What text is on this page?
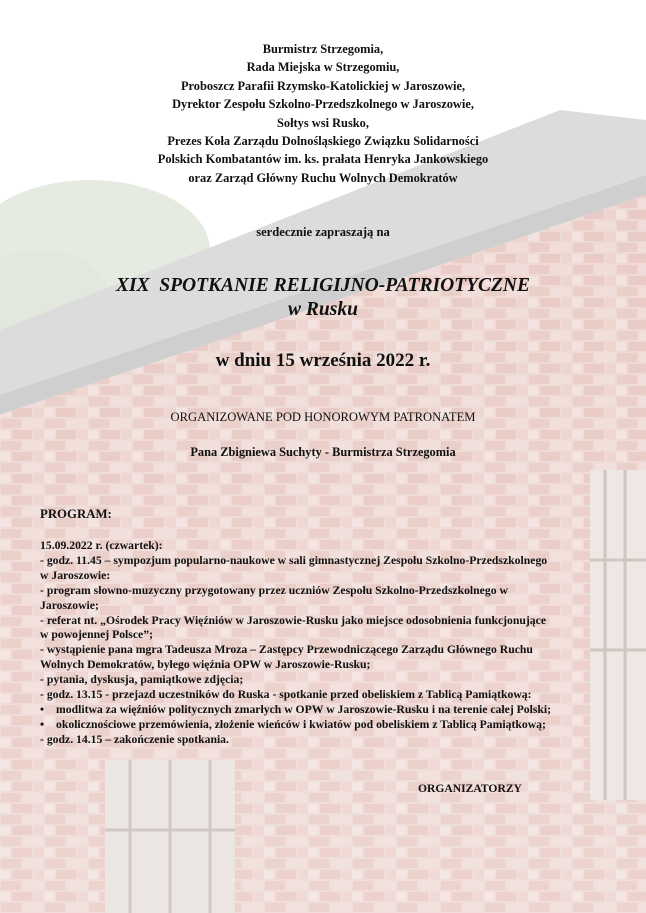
Burmistrz Strzegomia,
Rada Miejska w Strzegomiu,
Proboszcz Parafii Rzymsko-Katolickiej w Jaroszowie,
Dyrektor Zespołu Szkolno-Przedszkolnego w Jaroszowie,
Sołtys wsi Rusko,
Prezes Koła Zarządu Dolnośląskiego Związku Solidarności
Polskich Kombatantów im. ks. prałata Henryka Jankowskiego
oraz Zarząd Główny Ruchu Wolnych Demokratów
serdecznie zapraszają na
XIX  SPOTKANIE RELIGIJNO-PATRIOTYCZNE
w Rusku
w dniu 15 września 2022 r.
ORGANIZOWANE POD HONOROWYM PATRONATEM
Pana Zbigniewa Suchyty - Burmistrza Strzegomia
PROGRAM:
15.09.2022 r. (czwartek):
- godz. 11.45 – sympozjum popularno-naukowe w sali gimnastycznej Zespołu Szkolno-Przedszkolnego
w Jaroszowie:
- program słowno-muzyczny przygotowany przez uczniów Zespołu Szkolno-Przedszkolnego w
Jaroszowie;
- referat nt. „Ośrodek Pracy Więźniów w Jaroszowie-Rusku jako miejsce odosobnienia funkcjonujące
w powojennej Polsce”;
- wystąpienie pana mgra Tadeusza Mroza – Zastępcy Przewodniczącego Zarządu Głównego Ruchu
Wolnych Demokratów, byłego więźnia OPW w Jaroszowie-Rusku;
- pytania, dyskusja, pamiątkowe zdjęcia;
- godz. 13.15 - przejazd uczestników do Ruska - spotkanie przed obeliskiem z Tablicą Pamiątkową:
• modlitwa za więźniów politycznych zmarłych w OPW w Jaroszowie-Rusku i na terenie całej Polski;
• okolicznościowe przemówienia, złożenie wieńców i kwiatów pod obeliskiem z Tablicą Pamiątkową;
- godz. 14.15 – zakończenie spotkania.
ORGANIZATORZY
